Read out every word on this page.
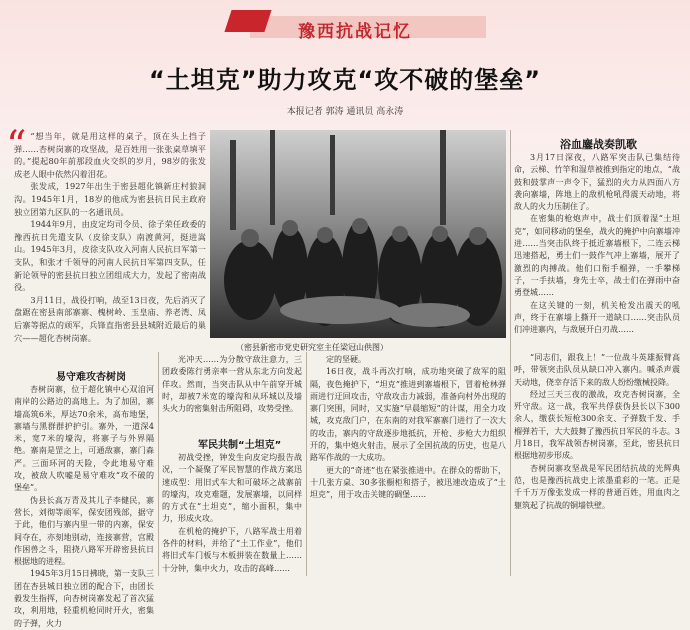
豫西抗战记忆
“土坦克”助力攻克“攻不破的堡垒”
本报记者 郭涛 通讯员 高永涛
“ “想当年，就是用这样的桌子，顶在头上挡子弹……杏树岗寨的攻坚战，是百姓用一张张桌草填平的。”提起80年前那段血火交织的岁月，98岁的张发成老人眼中依然闪着泪花。

张发成，1927年出生于密县超化镇新庄村狼洞沟。1945年1月，18岁的他成为密县抗日民主政府独立团第九区队的一名通讯员。

1944年9月，由皮定均司令员、徐子荣任政委的豫西抗日先遣支队（皮徐支队）南渡黄河，挺进嵩山。1945年3月，皮徐支队攻入河南人民抗日军第一支队，和张才千领导的河南人民抗日军第四支队，任新论领导的密县抗日独立团组成大力，发起了密南战役。

3月11日，战役打响，战至13日夜，先后消灭了盘踞在密县南部寨寨、槐树岭、玉皇庙、养老湾、凤后寨等据点的顽军，兵锋直指密县县城附近最后的巢穴——超化杏树岗寨。

（密县新密市党史研究室主任梁冠山供图）
易守难攻杏树岗

杏树岗寨，位于超化镇中心双洎河南岸的公路边的高地上。为了加固，寨墙高筑6米，厚达70余米，高布地堡，寨墙与黑群群护护引。寨外，一道深4米，宽7米的壕沟，将寨子与外界隔绝。寨南是罡之上，可通敌寨，寨门森严。三面环河的天险，令此地易守难攻，被敌人吹嘘是易守难攻“攻不破的堡垒”。

伪县长高万青及其儿子李健民，寨营长，刘彻等顽军，保安团残部，据守于此，他们与寨内里一带的内寨，保安间夺在，亦刻地别动，连接寨营，宫殿作困兽之斗，阻挠八路军开辟密县抗日根据地的进程。

1945年3月15日拂晓，第一支队三团在杏县城日独立团的配合下，由团长毅发生指挥，向杏树岗寨发起了首次猛攻，利用地，轻重机枪同时开火，密集的子弹，火力

光冲天……为分散守敌注意力，三团政委陈行勇亲率一营从东北方向发起佯攻。然而，当突击队从中午前穿开城时，却被7米宽的壕沟和从环城以及墙头火力的密集射击所阻碍，攻势受挫。

军民共制“土坦克”

初战受挫，钟发生向皮定均报告战况，一个凝聚了军民智慧的作战方案迅速成型：用旧式车大和可破坏之战寨前的壕沟，攻克难题，发展寨墙，以同样的方式在“土坦克”，缩小面积，集中力，形成火攻。

在机枪的掩护下，八路军战士用着各件的材料，并给了“土工作业”，他们将旧式车门板与木板拼装在数量上……十分钟，集中火力，攻击的高峰……

定的坚硬。

16日夜，战斗再次打响，成功地突破了敌军的阻隔，夜色掩护下，“坦克”推进到寨墙根下，冒着枪林弹雨进行迂回攻击，守敌攻击力减弱，准备向村外出现的寨门突围，同时，又实施“早晨缩短”的计谋，用全力攻城，攻克敌门户，在东南的对我军寨寨门进行了一次大的攻击，寨内的守敌逐步地抵抗，开枪、步枪大力组织开的，集中炮火射击，展示了全国抗战的历史，也是八路军作战的一大成功。

更大的“奇迹”也在紧张推进中。在群众的帮助下，十几张方桌、30多张橱柜和搭子，被迅速改造成了“土坦克”，用于攻击关键的碉堡……

浴血鏖战奏凯歌

3月17日深夜，八路军突击队已集结待命，云梯、竹竿和湿草被推到指定的地点，“战鼓和鼓掌声一声令下，猛烈的火力从四面八方袭向寨墙，阵地上的敌机枪吼得震天动地，将敌人的火力压制住了。

在密集的枪炮声中，战士们顶着湿“土坦克”，如同移动的堡垒，战火的掩护中向寨墙冲进……当突击队终于抵近寨墙根下，二连云梯迅速搭起，勇士们一鼓作气冲上寨墙，展开了激烈的肉搏战。他们口衔手榴弹，一手攀梯子，一手扶墙，身先士卒，战士们在弹雨中奋勇登城……

在这关键的一刻，机关枪发出震天的吼声，终于在寨墙上撕开一道缺口……突击队员们冲进寨内，与敌展开白刃战……

“同志们，跟我上！”一位战斗英雄振臂高呼，带领突击队员从缺口冲入寨内。喊杀声震天动地，侥幸存活下来的敌人纷纷缴械投降。

经过三天三夜的激战，攻克杏树岗寨，全歼守敌。这一战，我军共俘获伪县长以下300余人，缴获长短枪300余支、子弹数千发、手榴弹若干，大大鼓舞了豫西抗日军民的斗志。3月18日，我军战领杏树岗寨，至此，密县抗日根据地初步形成。

杏树岗寨攻坚战是军民团结抗战的光辉典范，也是豫西抗战史上浓墨重彩的一笔。正是千千万万像张发成一样的普通百姓，用血肉之躯筑起了抗战的铜墙铁壁。
